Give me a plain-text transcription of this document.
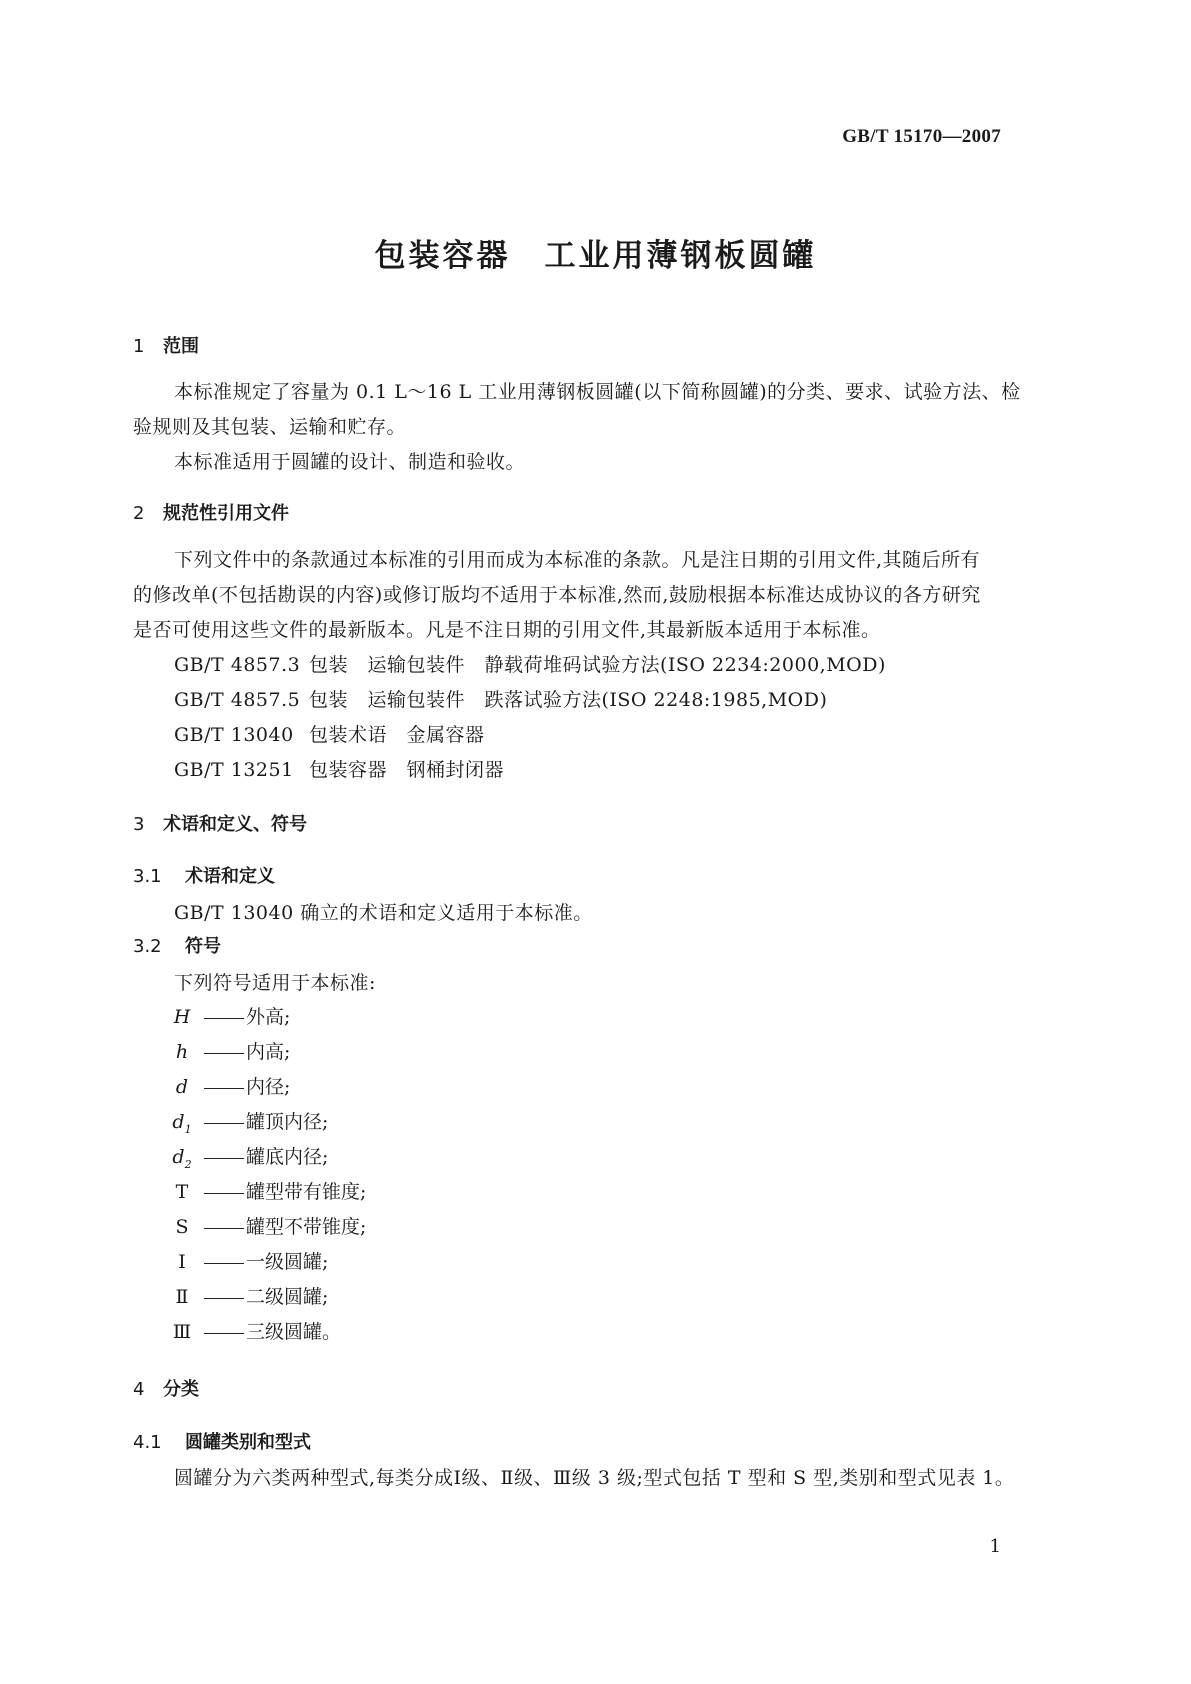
GB/T 15170—2007
包装容器　工业用薄钢板圆罐
1 范围
本标准规定了容量为 0.1 L～16 L 工业用薄钢板圆罐(以下简称圆罐)的分类、要求、试验方法、检
验规则及其包装、运输和贮存。
本标准适用于圆罐的设计、制造和验收。
2 规范性引用文件
下列文件中的条款通过本标准的引用而成为本标准的条款。凡是注日期的引用文件,其随后所有
的修改单(不包括勘误的内容)或修订版均不适用于本标准,然而,鼓励根据本标准达成协议的各方研究
是否可使用这些文件的最新版本。凡是不注日期的引用文件,其最新版本适用于本标准。
GB/T 4857.3 包装　运输包装件　静载荷堆码试验方法(ISO 2234:2000,MOD)
GB/T 4857.5 包装　运输包装件　跌落试验方法(ISO 2248:1985,MOD)
GB/T 13040 包装术语　金属容器
GB/T 13251 包装容器　钢桶封闭器
3 术语和定义、符号
3.1 术语和定义
GB/T 13040 确立的术语和定义适用于本标准。
3.2 符号
下列符号适用于本标准:
H	外高;
h	内高;
d	内径;
$d_1$	罐顶内径;
$d_2$	罐底内径;
T	罐型带有锥度;
S	罐型不带锥度;
Ⅰ	一级圆罐;
Ⅱ	二级圆罐;
Ⅲ	三级圆罐。
4 分类
4.1 圆罐类别和型式
圆罐分为六类两种型式,每类分成Ⅰ级、Ⅱ级、Ⅲ级 3 级;型式包括 T 型和 S 型,类别和型式见表 1。
1
